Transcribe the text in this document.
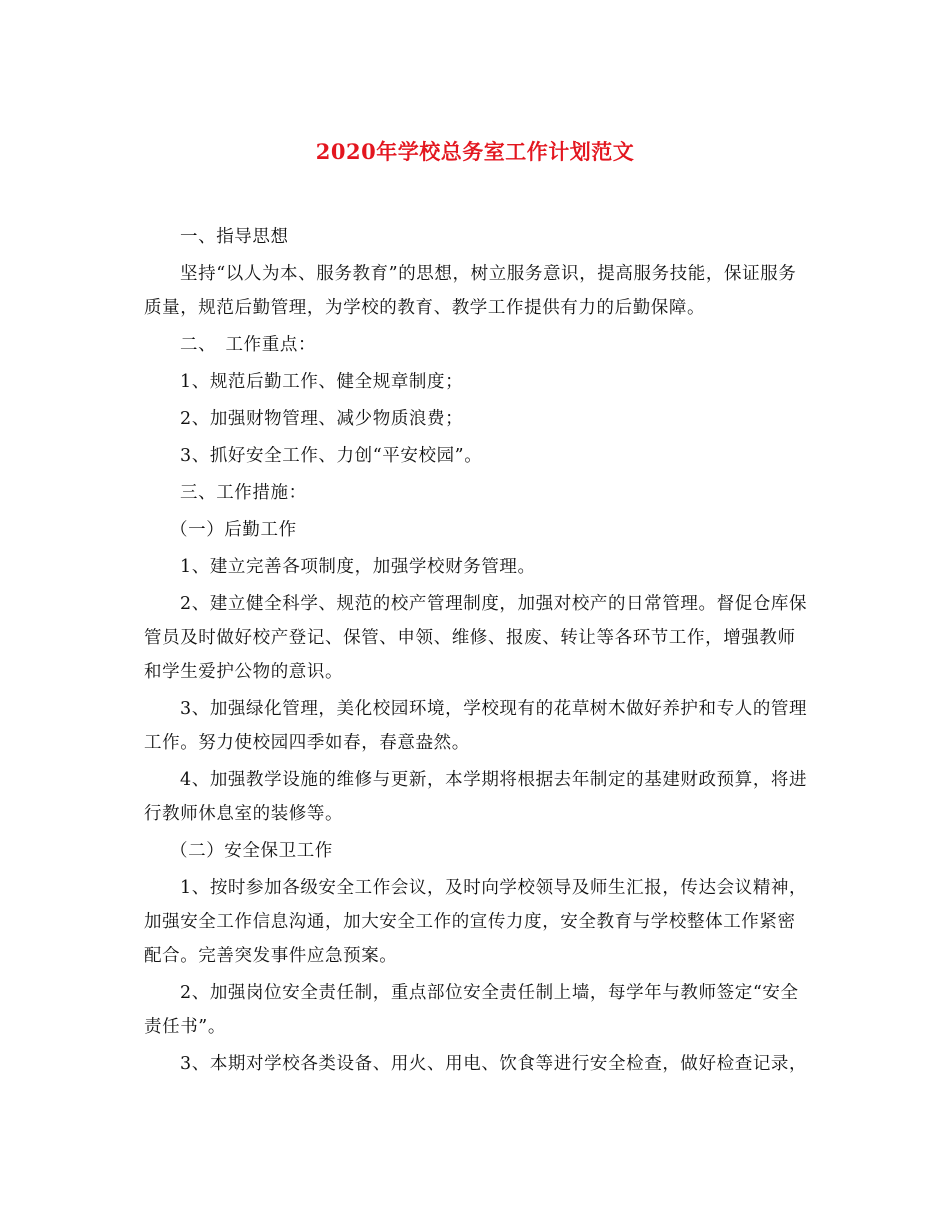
2020年学校总务室工作计划范文

一、指导思想

坚持“以人为本、服务教育”的思想，树立服务意识，提高服务技能，保证服务质量，规范后勤管理，为学校的教育、教学工作提供有力的后勤保障。

二、　工作重点：

1、规范后勤工作、健全规章制度；

2、加强财物管理、减少物质浪费；

3、抓好安全工作、力创“平安校园”。

三、工作措施：

（一）后勤工作

1、建立完善各项制度，加强学校财务管理。

2、建立健全科学、规范的校产管理制度，加强对校产的日常管理。督促仓库保管员及时做好校产登记、保管、申领、维修、报废、转让等各环节工作，增强教师和学生爱护公物的意识。

3、加强绿化管理，美化校园环境，学校现有的花草树木做好养护和专人的管理工作。努力使校园四季如春，春意盎然。

4、加强教学设施的维修与更新，本学期将根据去年制定的基建财政预算，将进行教师休息室的装修等。

（二）安全保卫工作

1、按时参加各级安全工作会议，及时向学校领导及师生汇报，传达会议精神，加强安全工作信息沟通，加大安全工作的宣传力度，安全教育与学校整体工作紧密配合。完善突发事件应急预案。

2、加强岗位安全责任制，重点部位安全责任制上墙，每学年与教师签定“安全责任书”。

3、本期对学校各类设备、用火、用电、饮食等进行安全检查，做好检查记录，
